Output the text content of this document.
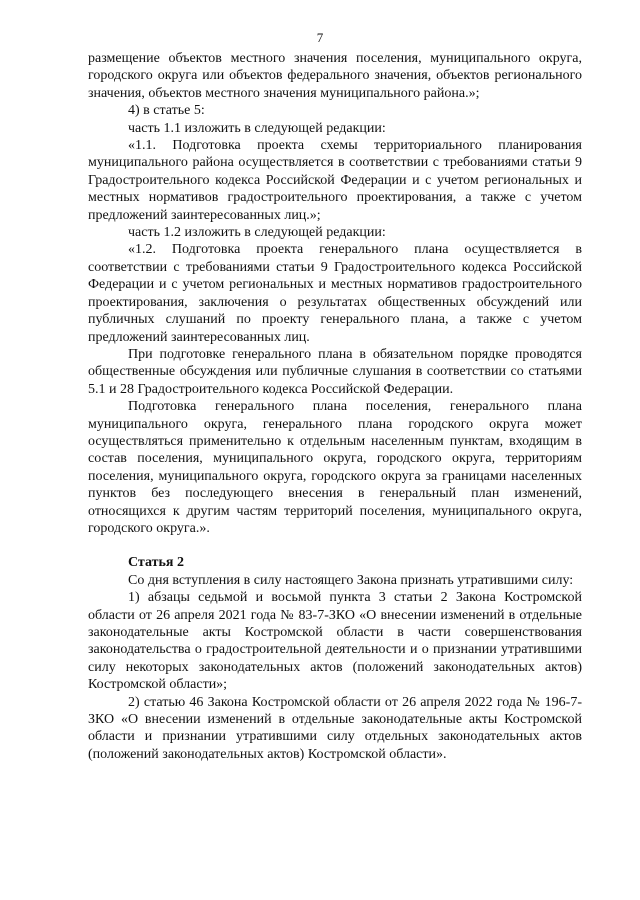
7

размещение объектов местного значения поселения, муниципального округа, городского округа или объектов федерального значения, объектов регионального значения, объектов местного значения муниципального района.»;

4) в статье 5:

часть 1.1 изложить в следующей редакции:

«1.1. Подготовка проекта схемы территориального планирования муниципального района осуществляется в соответствии с требованиями статьи 9 Градостроительного кодекса Российской Федерации и с учетом региональных и местных нормативов градостроительного проектирования, а также с учетом предложений заинтересованных лиц.»;

часть 1.2 изложить в следующей редакции:

«1.2. Подготовка проекта генерального плана осуществляется в соответствии с требованиями статьи 9 Градостроительного кодекса Российской Федерации и с учетом региональных и местных нормативов градостроительного проектирования, заключения о результатах общественных обсуждений или публичных слушаний по проекту генерального плана, а также с учетом предложений заинтересованных лиц.

При подготовке генерального плана в обязательном порядке проводятся общественные обсуждения или публичные слушания в соответствии со статьями 5.1 и 28 Градостроительного кодекса Российской Федерации.

Подготовка генерального плана поселения, генерального плана муниципального округа, генерального плана городского округа может осуществляться применительно к отдельным населенным пунктам, входящим в состав поселения, муниципального округа, городского округа, территориям поселения, муниципального округа, городского округа за границами населенных пунктов без последующего внесения в генеральный план изменений, относящихся к другим частям территорий поселения, муниципального округа, городского округа.».

Статья 2

Со дня вступления в силу настоящего Закона признать утратившими силу:

1) абзацы седьмой и восьмой пункта 3 статьи 2 Закона Костромской области от 26 апреля 2021 года № 83-7-ЗКО «О внесении изменений в отдельные законодательные акты Костромской области в части совершенствования законодательства о градостроительной деятельности и о признании утратившими силу некоторых законодательных актов (положений законодательных актов) Костромской области»;

2) статью 46 Закона Костромской области от 26 апреля 2022 года № 196-7-ЗКО «О внесении изменений в отдельные законодательные акты Костромской области и признании утратившими силу отдельных законодательных актов (положений законодательных актов) Костромской области».
